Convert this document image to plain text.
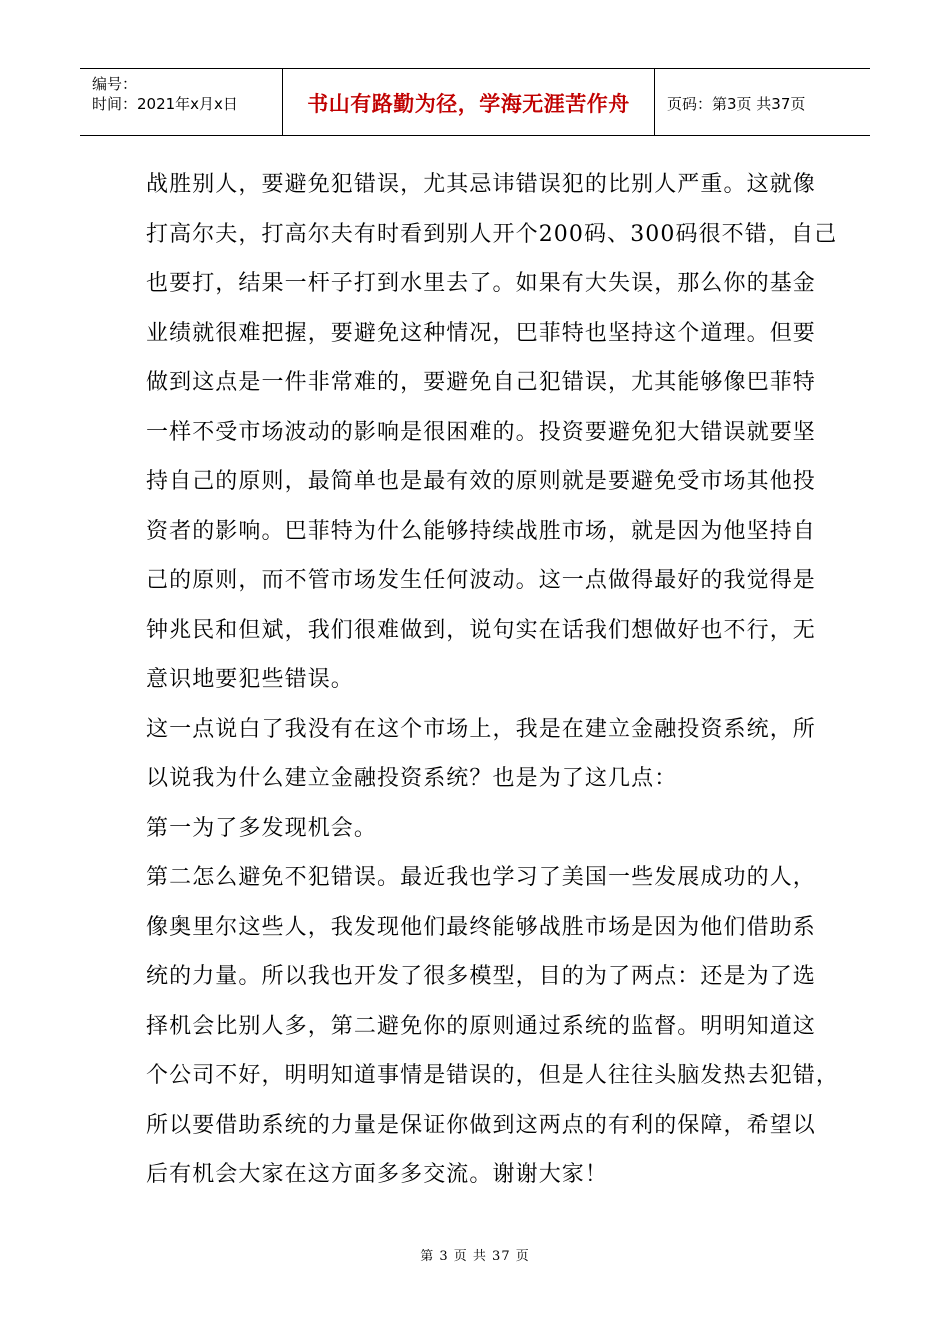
编号：
时间：2021年x月x日	书山有路勤为径，学海无涯苦作舟	页码：第3页 共37页
战胜别人，要避免犯错误，尤其忌讳错误犯的比别人严重。这就像
打高尔夫，打高尔夫有时看到别人开个200码、300码很不错，自己
也要打，结果一杆子打到水里去了。如果有大失误，那么你的基金
业绩就很难把握，要避免这种情况，巴菲特也坚持这个道理。但要
做到这点是一件非常难的，要避免自己犯错误，尤其能够像巴菲特
一样不受市场波动的影响是很困难的。投资要避免犯大错误就要坚
持自己的原则，最简单也是最有效的原则就是要避免受市场其他投
资者的影响。巴菲特为什么能够持续战胜市场，就是因为他坚持自
己的原则，而不管市场发生任何波动。这一点做得最好的我觉得是
钟兆民和但斌，我们很难做到，说句实在话我们想做好也不行，无
意识地要犯些错误。
这一点说白了我没有在这个市场上，我是在建立金融投资系统，所
以说我为什么建立金融投资系统？也是为了这几点：
第一为了多发现机会。
第二怎么避免不犯错误。最近我也学习了美国一些发展成功的人，
像奥里尔这些人，我发现他们最终能够战胜市场是因为他们借助系
统的力量。所以我也开发了很多模型，目的为了两点：还是为了选
择机会比别人多，第二避免你的原则通过系统的监督。明明知道这
个公司不好，明明知道事情是错误的，但是人往往头脑发热去犯错，
所以要借助系统的力量是保证你做到这两点的有利的保障，希望以
后有机会大家在这方面多多交流。谢谢大家！
第 3 页 共 37 页
